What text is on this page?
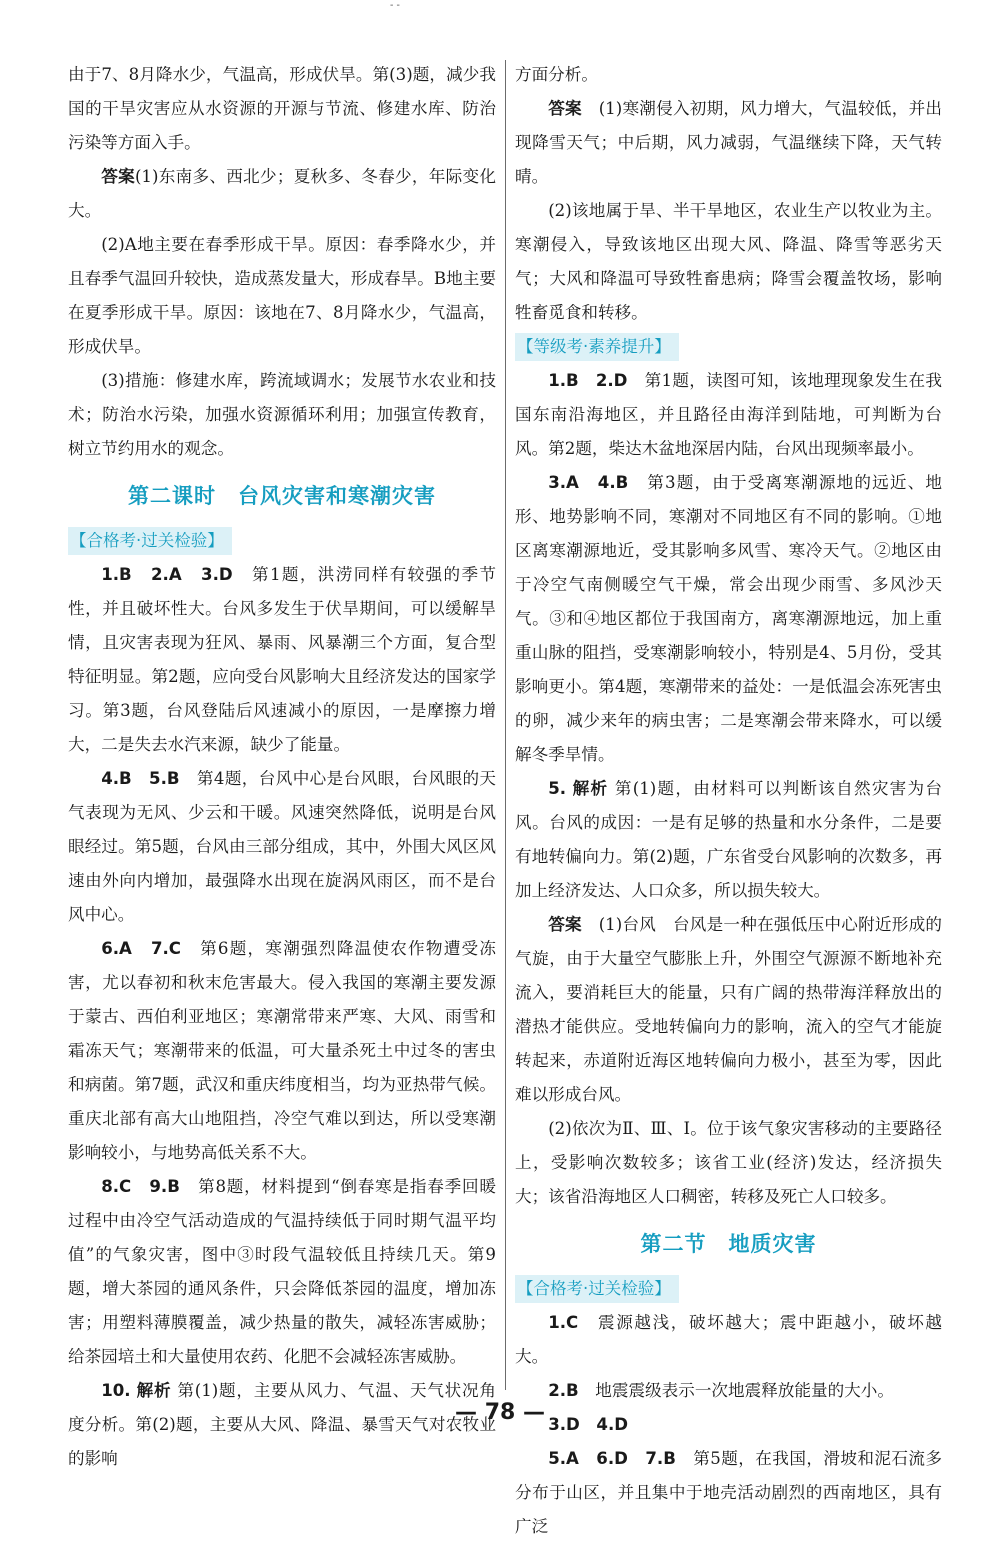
- -

由于7、8月降水少，气温高，形成伏旱。第(3)题，减少我国的干旱灾害应从水资源的开源与节流、修建水库、防治污染等方面入手。

答案(1)东南多、西北少；夏秋多、冬春少，年际变化大。

(2)A地主要在春季形成干旱。原因：春季降水少，并且春季气温回升较快，造成蒸发量大，形成春旱。B地主要在夏季形成干旱。原因：该地在7、8月降水少，气温高，形成伏旱。

(3)措施：修建水库，跨流域调水；发展节水农业和技术；防治水污染，加强水资源循环利用；加强宣传教育，树立节约用水的观念。

第二课时 台风灾害和寒潮灾害
【合格考·过关检验】

1.B　2.A　3.D　 第1题，洪涝同样有较强的季节性，并且破坏性大。台风多发生于伏旱期间，可以缓解旱情，且灾害表现为狂风、暴雨、风暴潮三个方面，复合型特征明显。第2题，应向受台风影响大且经济发达的国家学习。第3题，台风登陆后风速减小的原因，一是摩擦力增大，二是失去水汽来源，缺少了能量。

4.B　5.B　 第4题，台风中心是台风眼，台风眼的天气表现为无风、少云和干暖。风速突然降低，说明是台风眼经过。第5题，台风由三部分组成，其中，外围大风区风速由外向内增加，最强降水出现在旋涡风雨区，而不是台风中心。

6.A　7.C　 第6题，寒潮强烈降温使农作物遭受冻害，尤以春初和秋末危害最大。侵入我国的寒潮主要发源于蒙古、西伯利亚地区；寒潮常带来严寒、大风、雨雪和霜冻天气；寒潮带来的低温，可大量杀死土中过冬的害虫和病菌。第7题，武汉和重庆纬度相当，均为亚热带气候。重庆北部有高大山地阻挡，冷空气难以到达，所以受寒潮影响较小，与地势高低关系不大。

8.C　9.B　 第8题，材料提到“倒春寒是指春季回暖过程中由冷空气活动造成的气温持续低于同时期气温平均值”的气象灾害，图中③时段气温较低且持续几天。第9题，增大茶园的通风条件，只会降低茶园的温度，增加冻害；用塑料薄膜覆盖，减少热量的散失，减轻冻害威胁；给茶园培土和大量使用农药、化肥不会减轻冻害威胁。

10. 解析 第(1)题，主要从风力、气温、天气状况角度分析。第(2)题，主要从大风、降温、暴雪天气对农牧业的影响

方面分析。

答案　 (1)寒潮侵入初期，风力增大，气温较低，并出现降雪天气；中后期，风力减弱，气温继续下降，天气转晴。

(2)该地属于旱、半干旱地区，农业生产以牧业为主。寒潮侵入，导致该地区出现大风、降温、降雪等恶劣天气；大风和降温可导致牲畜患病；降雪会覆盖牧场，影响牲畜觅食和转移。

【等级考·素养提升】

1.B　2.D　 第1题，读图可知，该地理现象发生在我国东南沿海地区，并且路径由海洋到陆地，可判断为台风。第2题，柴达木盆地深居内陆，台风出现频率最小。

3.A　4.B　 第3题，由于受离寒潮源地的远近、地形、地势影响不同，寒潮对不同地区有不同的影响。①地区离寒潮源地近，受其影响多风雪、寒冷天气。②地区由于冷空气南侧暖空气干燥，常会出现少雨雪、多风沙天气。③和④地区都位于我国南方，离寒潮源地远，加上重重山脉的阻挡，受寒潮影响较小，特别是4、5月份，受其影响更小。第4题，寒潮带来的益处：一是低温会冻死害虫的卵，减少来年的病虫害；二是寒潮会带来降水，可以缓解冬季旱情。

5. 解析 第(1)题，由材料可以判断该自然灾害为台风。台风的成因：一是有足够的热量和水分条件，二是要有地转偏向力。第(2)题，广东省受台风影响的次数多，再加上经济发达、人口众多，所以损失较大。

答案　 (1)台风　台风是一种在强低压中心附近形成的气旋，由于大量空气膨胀上升，外围空气源源不断地补充流入，要消耗巨大的能量，只有广阔的热带海洋释放出的潜热才能供应。受地转偏向力的影响，流入的空气才能旋转起来，赤道附近海区地转偏向力极小，甚至为零，因此难以形成台风。

(2)依次为Ⅱ、Ⅲ、Ⅰ。位于该气象灾害移动的主要路径上，受影响次数较多；该省工业(经济)发达，经济损失大；该省沿海地区人口稠密，转移及死亡人口较多。

第二节 地质灾害
【合格考·过关检验】

1.C　 震源越浅，破坏越大；震中距越小，破坏越大。

2.B　 地震震级表示一次地震释放能量的大小。

3.D　4.D

5.A　6.D　7.B　 第5题，在我国，滑坡和泥石流多分布于山区，并且集中于地壳活动剧烈的西南地区，具有广泛

— 78 —
